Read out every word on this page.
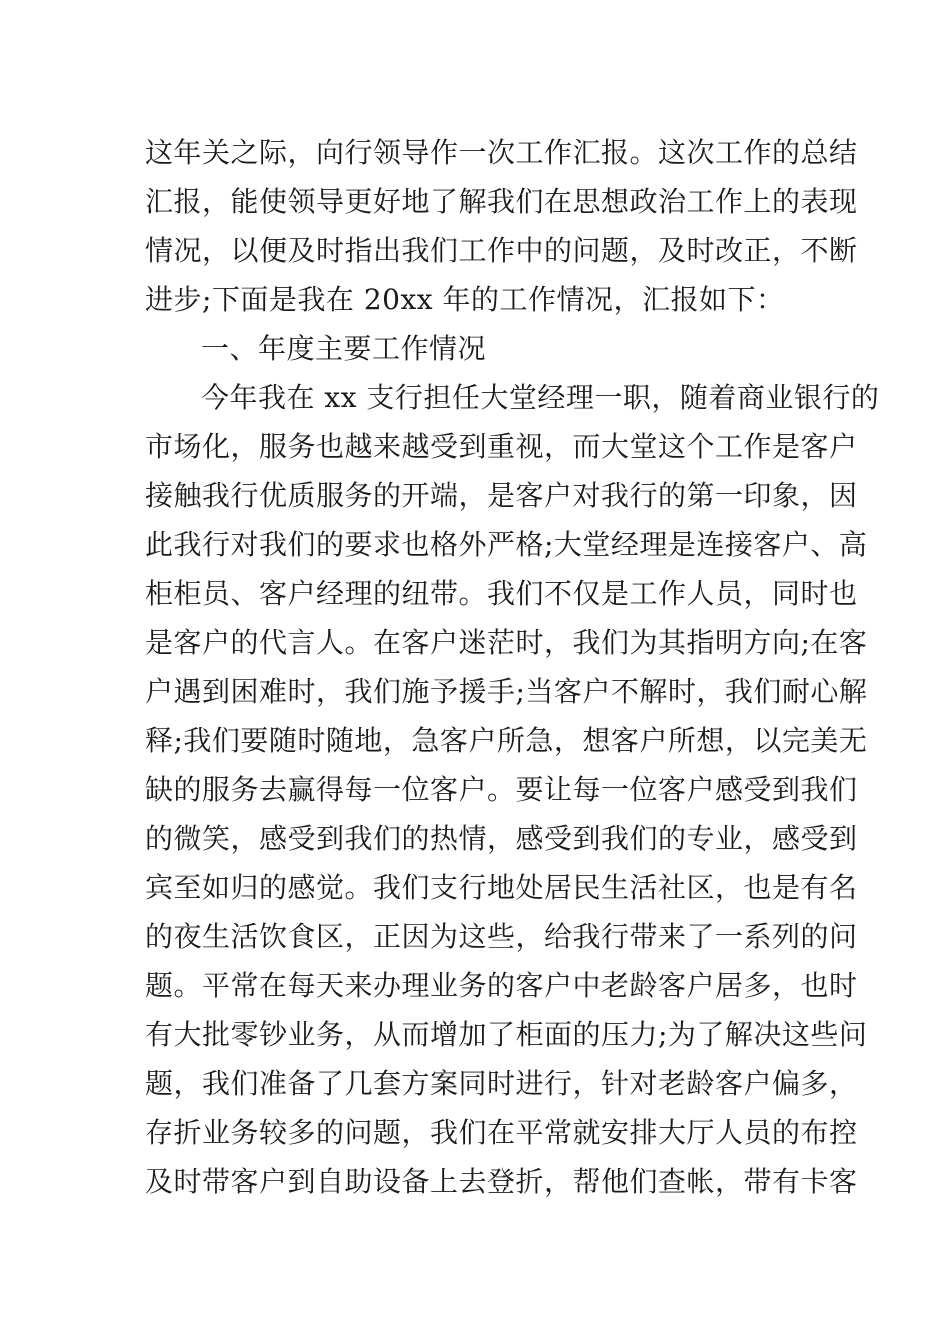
这年关之际，向行领导作一次工作汇报。这次工作的总结
汇报，能使领导更好地了解我们在思想政治工作上的表现
情况，以便及时指出我们工作中的问题，及时改正，不断
进步;下面是我在 20xx 年的工作情况，汇报如下：
一、年度主要工作情况
今年我在 xx 支行担任大堂经理一职，随着商业银行的
市场化，服务也越来越受到重视，而大堂这个工作是客户
接触我行优质服务的开端，是客户对我行的第一印象，因
此我行对我们的要求也格外严格;大堂经理是连接客户、高
柜柜员、客户经理的纽带。我们不仅是工作人员，同时也
是客户的代言人。在客户迷茫时，我们为其指明方向;在客
户遇到困难时，我们施予援手;当客户不解时，我们耐心解
释;我们要随时随地，急客户所急，想客户所想，以完美无
缺的服务去赢得每一位客户。要让每一位客户感受到我们
的微笑，感受到我们的热情，感受到我们的专业，感受到
宾至如归的感觉。我们支行地处居民生活社区，也是有名
的夜生活饮食区，正因为这些，给我行带来了一系列的问
题。平常在每天来办理业务的客户中老龄客户居多，也时
有大批零钞业务，从而增加了柜面的压力;为了解决这些问
题，我们准备了几套方案同时进行，针对老龄客户偏多，
存折业务较多的问题，我们在平常就安排大厅人员的布控
及时带客户到自助设备上去登折，帮他们查帐，带有卡客
